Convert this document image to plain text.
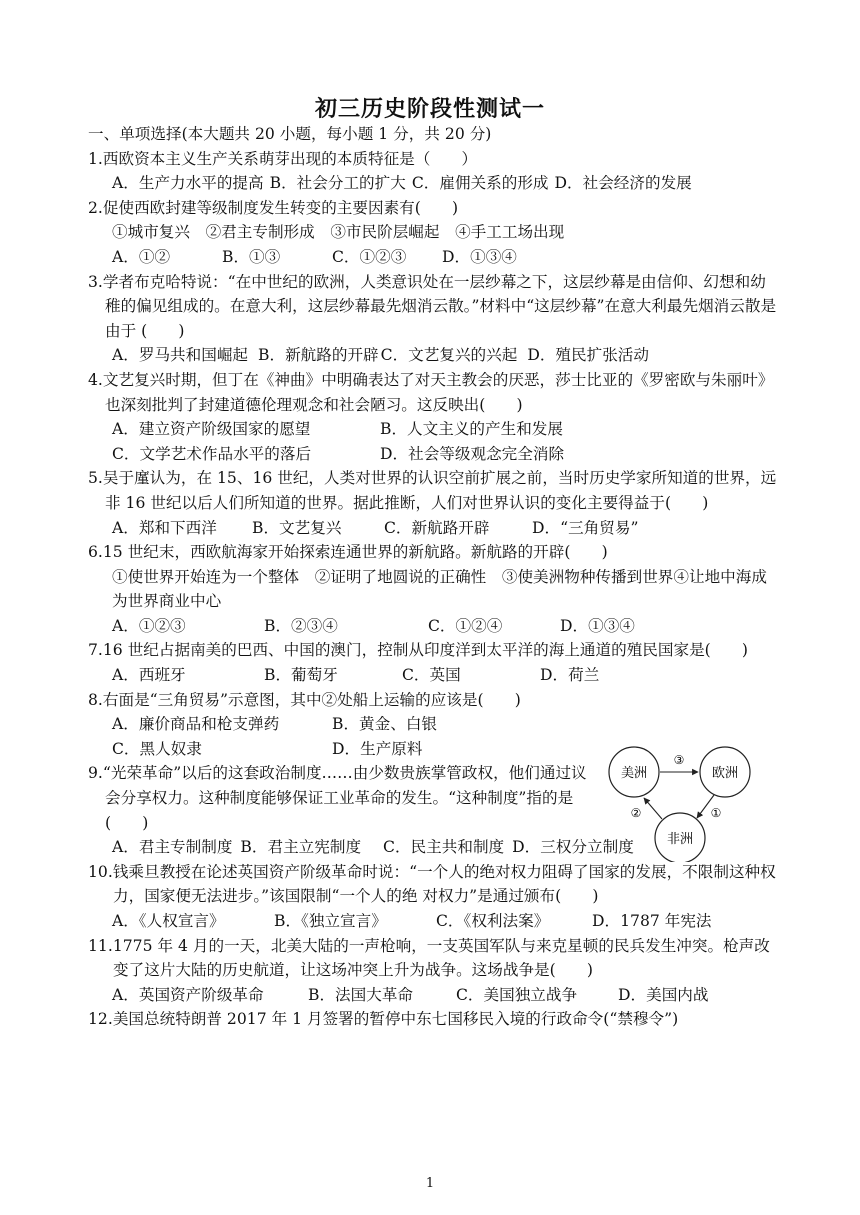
初三历史阶段性测试一
一、单项选择(本大题共 20 小题，每小题 1 分，共 20 分)
1.西欧资本主义生产关系萌芽出现的本质特征是（　　）
A．生产力水平的提高 B．社会分工的扩大 C．雇佣关系的形成 D．社会经济的发展
2.促使西欧封建等级制度发生转变的主要因素有(　　)
①城市复兴　②君主专制形成　③市民阶层崛起　④手工工场出现
A．①②	B．①③	C．①②③ D．①③④
3.学者布克哈特说：“在中世纪的欧洲，人类意识处在一层纱幕之下，这层纱幕是由信仰、幻想和幼稚的偏见组成的。在意大利，这层纱幕最先烟消云散。”材料中“这层纱幕”在意大利最先烟消云散是由于 (　　)
A．罗马共和国崛起 B．新航路的开辟 C．文艺复兴的兴起 D．殖民扩张活动
4.文艺复兴时期，但丁在《神曲》中明确表达了对天主教会的厌恶，莎士比亚的《罗密欧与朱丽叶》也深刻批判了封建道德伦理观念和社会陋习。这反映出(　　)
A．建立资产阶级国家的愿望	B．人文主义的产生和发展
C．文学艺术作品水平的落后	D．社会等级观念完全消除
5.吴于廑认为，在 15、16 世纪，人类对世界的认识空前扩展之前，当时历史学家所知道的世界，远非 16 世纪以后人们所知道的世界。据此推断，人们对世界认识的变化主要得益于(　　)
A．郑和下西洋 B．文艺复兴	C．新航路开辟	D．“三角贸易”
6.15 世纪末，西欧航海家开始探索连通世界的新航路。新航路的开辟(　　)
①使世界开始连为一个整体　②证明了地圆说的正确性　③使美洲物种传播到世界④让地中海成为世界商业中心
A．①②③	B．②③④	C．①②④	D．①③④
7.16 世纪占据南美的巴西、中国的澳门，控制从印度洋到太平洋的海上通道的殖民国家是(　　)
A．西班牙	B．葡萄牙	C．英国	D．荷兰
8.右面是“三角贸易”示意图，其中②处船上运输的应该是(　　)
A．廉价商品和枪支弹药	B．黄金、白银
C．黑人奴隶	D．生产原料
9.“光荣革命”以后的这套政治制度……由少数贵族掌管政权，他们通过议会分享权力。这种制度能够保证工业革命的发生。“这种制度”指的是(　　)
A．君主专制制度 B．君主立宪制度 C．民主共和制度 D．三权分立制度
10.钱乘旦教授在论述英国资产阶级革命时说：“一个人的绝对权力阻碍了国家的发展，不限制这种权力，国家便无法进步。”该国限制“一个人的绝 对权力”是通过颁布(　　)
A．《人权宣言》	B．《独立宣言》	C．《权利法案》	D．1787 年宪法
11.1775 年 4 月的一天，北美大陆的一声枪响，一支英国军队与来克星顿的民兵发生冲突。枪声改变了这片大陆的历史航道，让这场冲突上升为战争。这场战争是(　　)
A．英国资产阶级革命	B．法国大革命	C．美国独立战争	D．美国内战
12.美国总统特朗普 2017 年 1 月签署的暂停中东七国移民入境的行政命令(“禁穆令”)
美洲	欧洲
非洲
③
①
②
1
